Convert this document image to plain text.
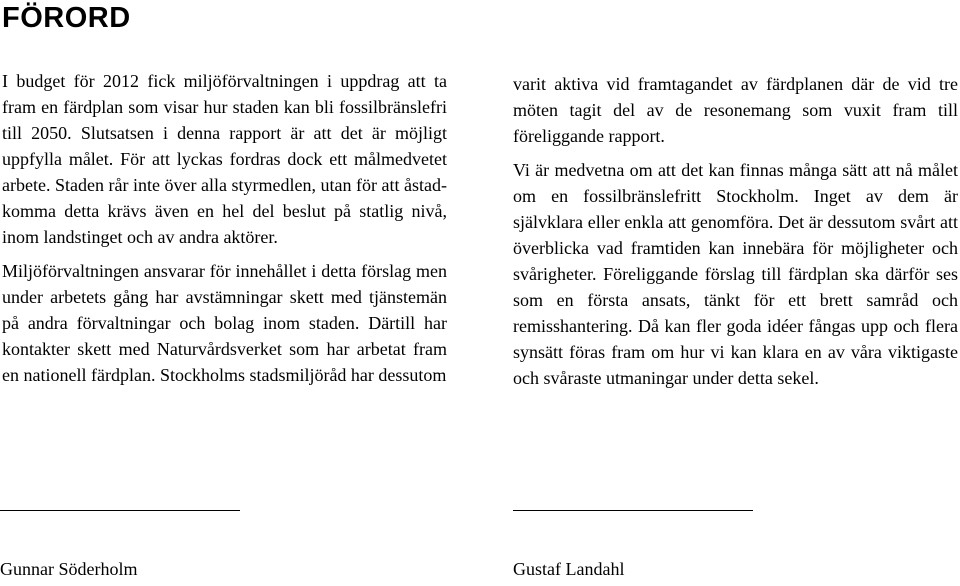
FÖRORD

I budget för 2012 fick miljöförvaltningen i uppdrag att ta fram en färdplan som visar hur staden kan bli fossilbränslefri till 2050. Slutsatsen i denna rapport är att det är möjligt uppfylla målet. För att lyckas fordras dock ett målmedvetet arbete. Staden rår inte över alla styrmedlen, utan för att åstadkomma detta krävs även en hel del beslut på statlig nivå, inom landstinget och av andra aktörer.

Miljöförvaltningen ansvarar för innehållet i detta förslag men under arbetets gång har avstämningar skett med tjänstemän på andra förvaltningar och bolag inom staden. Därtill har kontakter skett med Naturvårdsverket som har arbetat fram en nationell färdplan. Stockholms stadsmiljöråd har dessutom

varit aktiva vid framtagandet av färdplanen där de vid tre möten tagit del av de resonemang som vuxit fram till föreliggande rapport.

Vi är medvetna om att det kan finnas många sätt att nå målet om en fossilbränslefritt Stockholm. Inget av dem är självklara eller enkla att genomföra. Det är dessutom svårt att överblicka vad framtiden kan innebära för möjligheter och svårigheter. Föreliggande förslag till färdplan ska därför ses som en första ansats, tänkt för ett brett samråd och remisshantering. Då kan fler goda idéer fångas upp och flera synsätt föras fram om hur vi kan klara en av våra viktigaste och svåraste utmaningar under detta sekel.

Gunnar Söderholm	Gustaf Landahl
